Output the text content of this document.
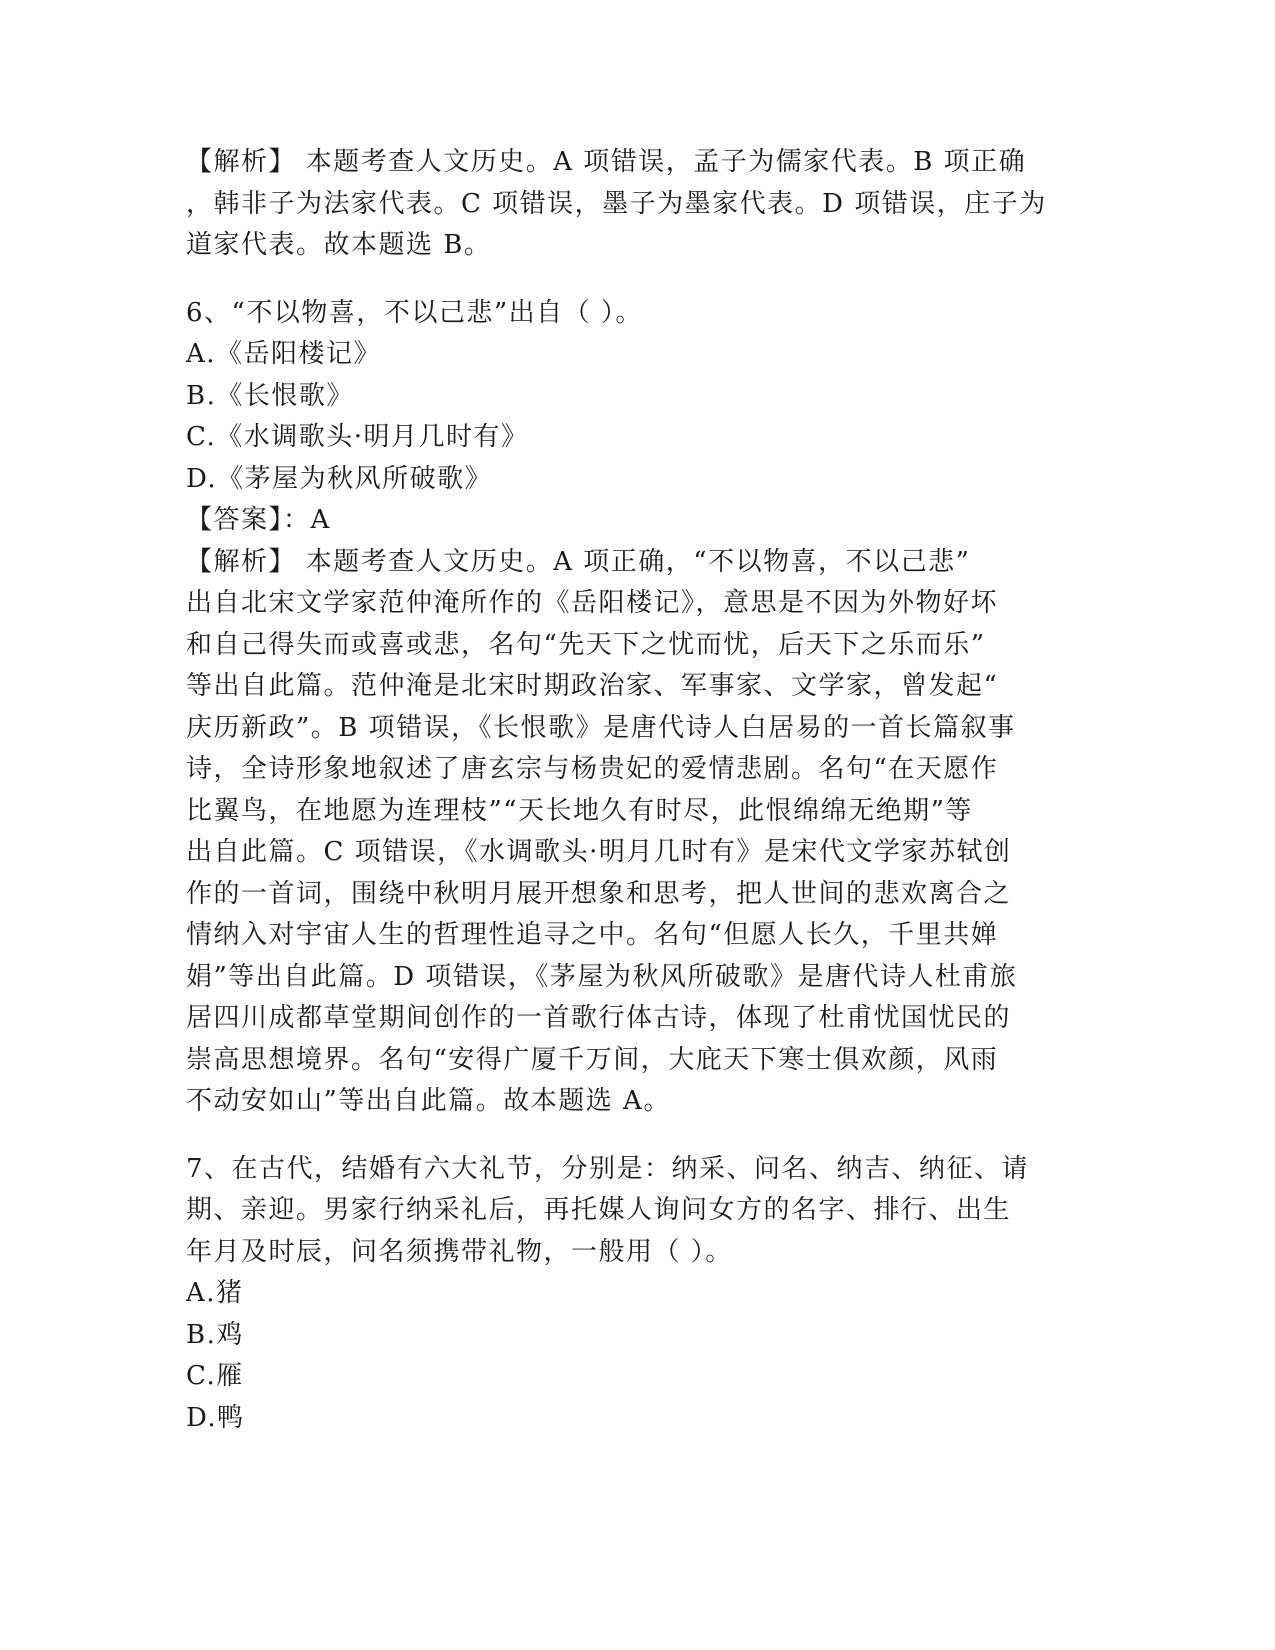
【解析】 本题考查人文历史。A 项错误，孟子为儒家代表。B 项正确

，韩非子为法家代表。C 项错误，墨子为墨家代表。D 项错误，庄子为

道家代表。故本题选 B。

6、“不以物喜，不以己悲”出自（ ）。

A.《岳阳楼记》

B.《长恨歌》

C.《水调歌头·明月几时有》

D.《茅屋为秋风所破歌》

【答案】：A

【解析】 本题考查人文历史。A 项正确，“不以物喜，不以己悲”

出自北宋文学家范仲淹所作的《岳阳楼记》，意思是不因为外物好坏

和自己得失而或喜或悲，名句“先天下之忧而忧，后天下之乐而乐”

等出自此篇。范仲淹是北宋时期政治家、军事家、文学家，曾发起“

庆历新政”。B 项错误，《长恨歌》是唐代诗人白居易的一首长篇叙事

诗，全诗形象地叙述了唐玄宗与杨贵妃的爱情悲剧。名句“在天愿作

比翼鸟，在地愿为连理枝”“天长地久有时尽，此恨绵绵无绝期”等

出自此篇。C 项错误，《水调歌头·明月几时有》是宋代文学家苏轼创

作的一首词，围绕中秋明月展开想象和思考，把人世间的悲欢离合之

情纳入对宇宙人生的哲理性追寻之中。名句“但愿人长久，千里共婵

娟”等出自此篇。D 项错误，《茅屋为秋风所破歌》是唐代诗人杜甫旅

居四川成都草堂期间创作的一首歌行体古诗，体现了杜甫忧国忧民的

崇高思想境界。名句“安得广厦千万间，大庇天下寒士俱欢颜，风雨

不动安如山”等出自此篇。故本题选 A。

7、在古代，结婚有六大礼节，分别是：纳采、问名、纳吉、纳征、请

期、亲迎。男家行纳采礼后，再托媒人询问女方的名字、排行、出生

年月及时辰，问名须携带礼物，一般用（ ）。

A.猪

B.鸡

C.雁

D.鸭
